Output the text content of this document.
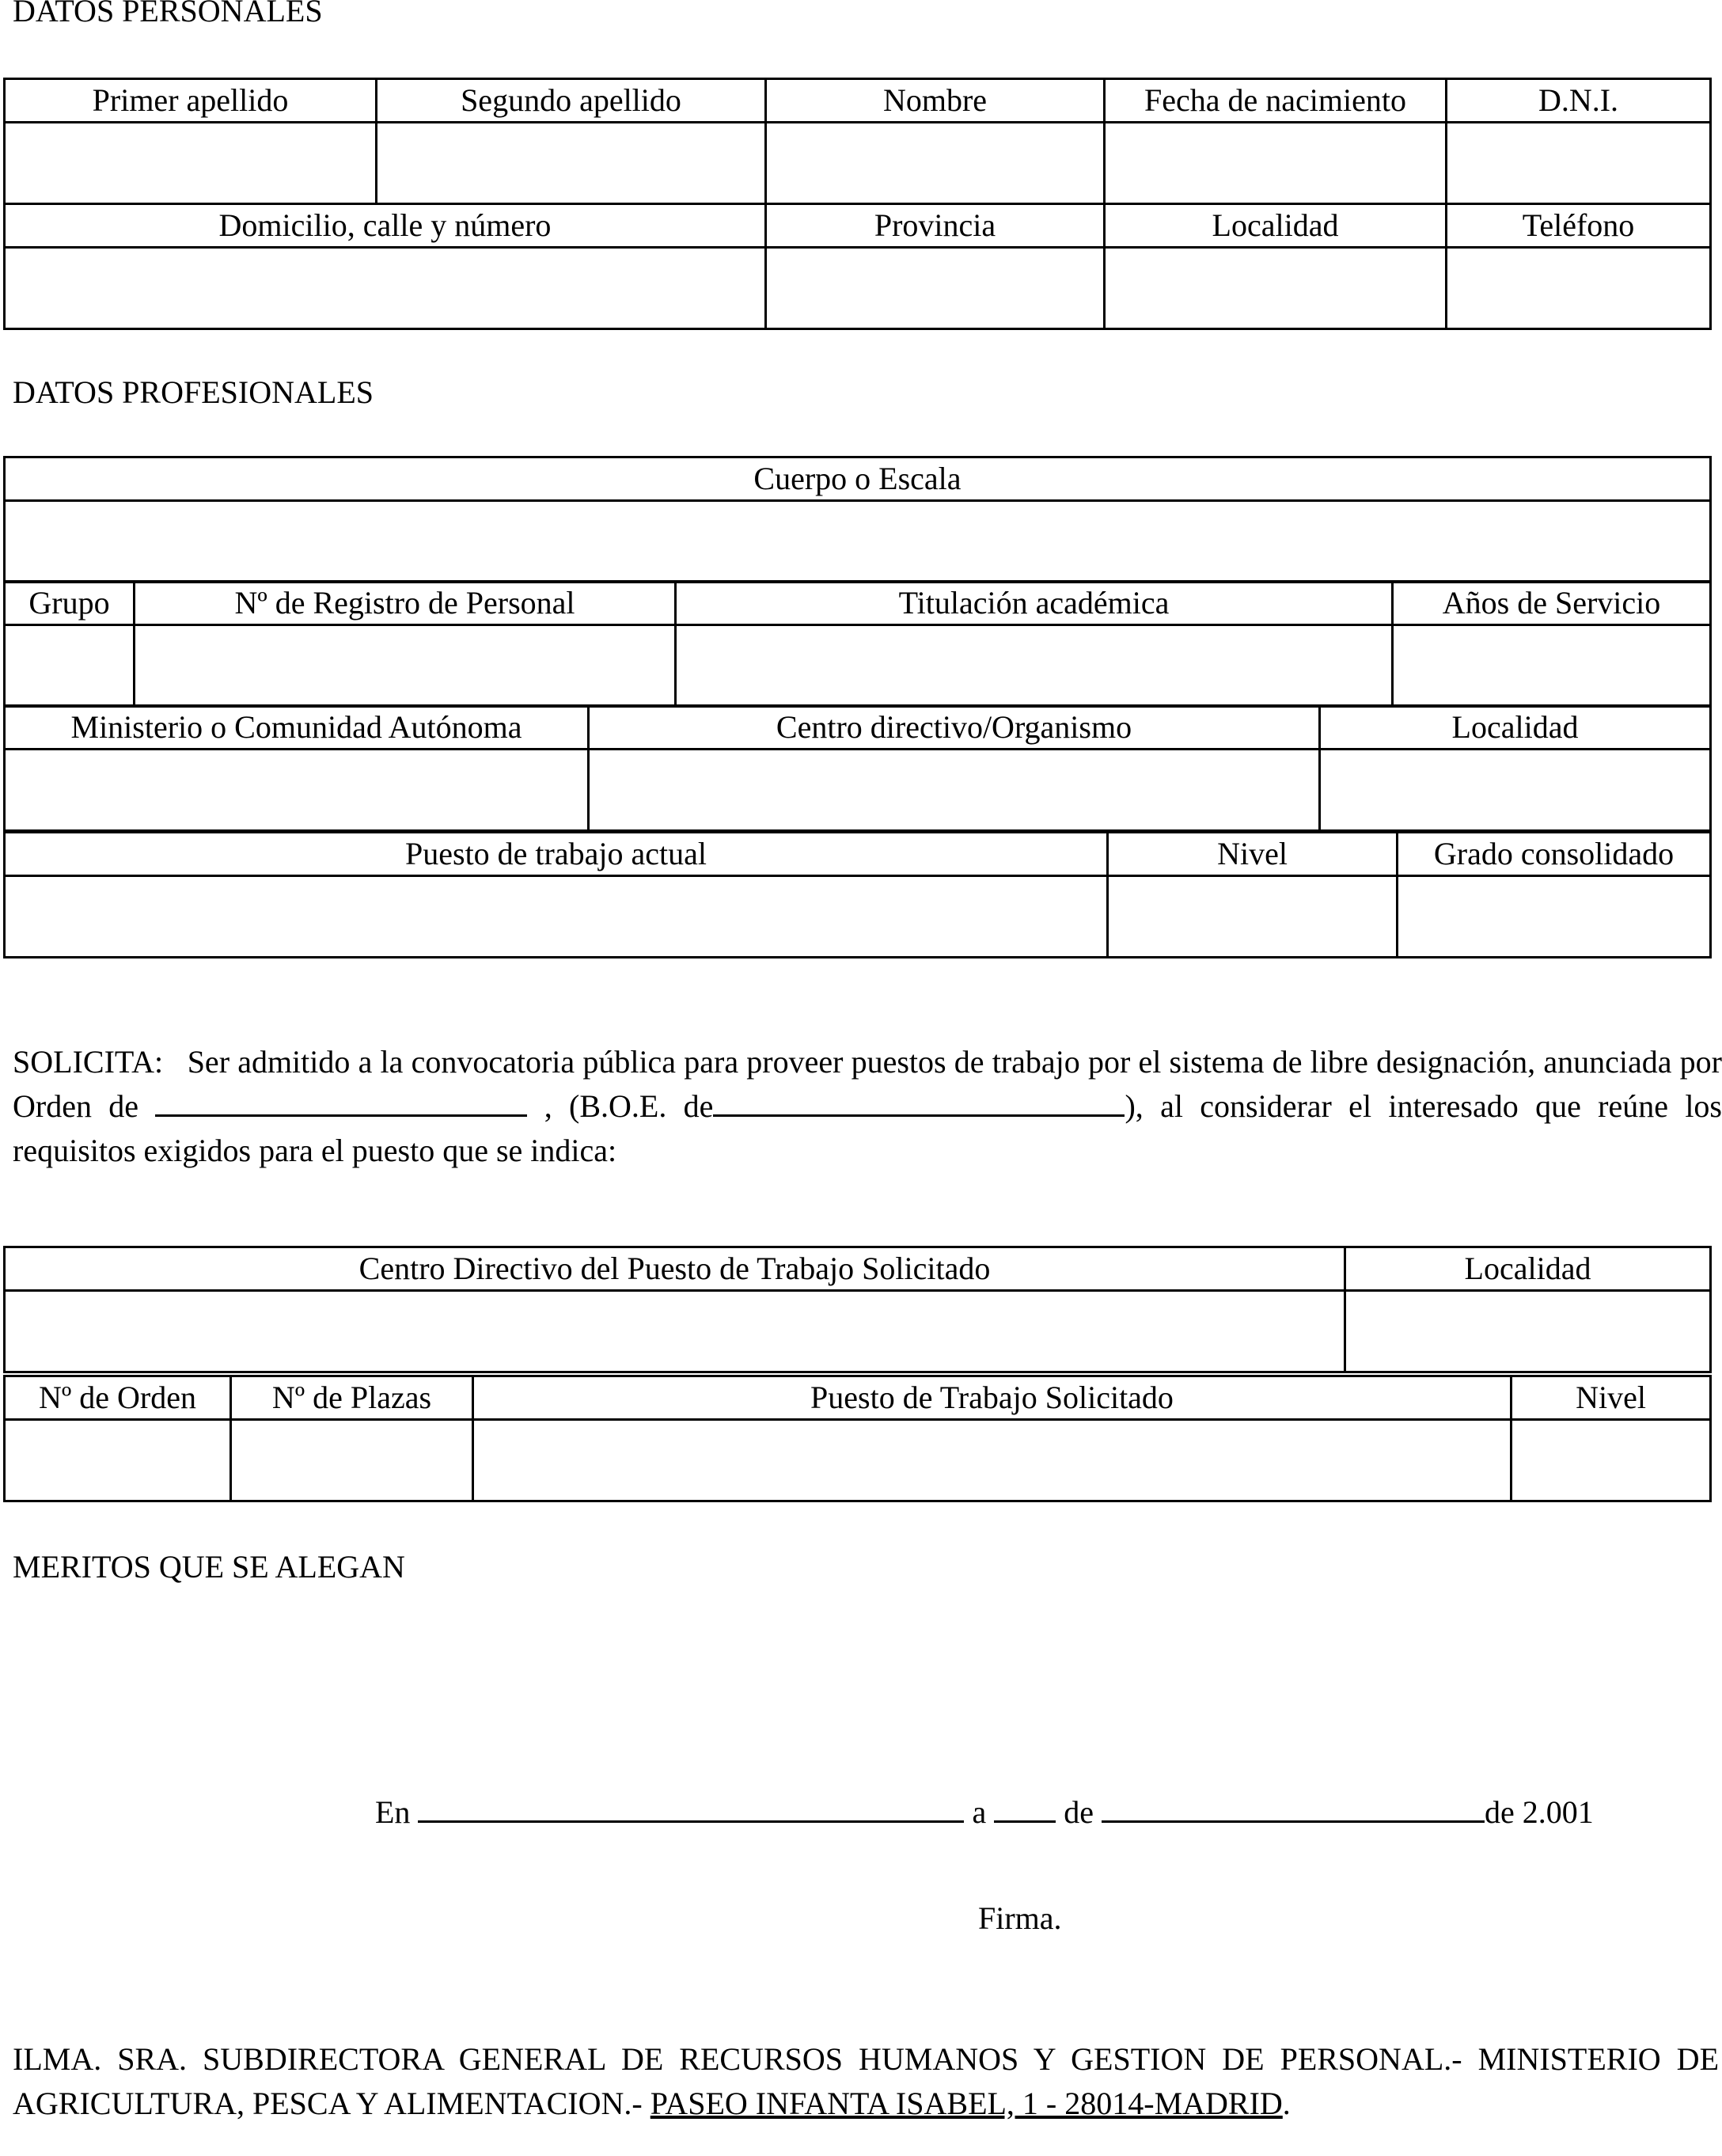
DATOS PERSONALES
Primer apellido	Segundo apellido	Nombre	Fecha de nacimiento	D.N.I.

Domicilio, calle y número		Provincia	Localidad	Teléfono

DATOS PROFESIONALES
Cuerpo o Escala

Grupo	Nº de Registro de Personal	Titulación académica	Años de Servicio

Ministerio o Comunidad Autónoma	Centro directivo/Organismo	Localidad

Puesto de trabajo actual	Nivel	Grado consolidado

SOLICITA: Ser admitido a la convocatoria pública para proveer puestos de trabajo por el sistema de libre designación, anunciada por Orden de	, (B.O.E. de	), al considerar el interesado que reúne los requisitos exigidos para el puesto que se indica:
Centro Directivo del Puesto de Trabajo Solicitado	Localidad

Nº de Orden	Nº de Plazas	Puesto de Trabajo Solicitado	Nivel

MERITOS QUE SE ALEGAN
En	a de	de 2.001
Firma.
ILMA. SRA. SUBDIRECTORA GENERAL DE RECURSOS HUMANOS Y GESTION DE PERSONAL.- MINISTERIO DE AGRICULTURA, PESCA Y ALIMENTACION.- PASEO INFANTA ISABEL, 1 - 28014-MADRID.
